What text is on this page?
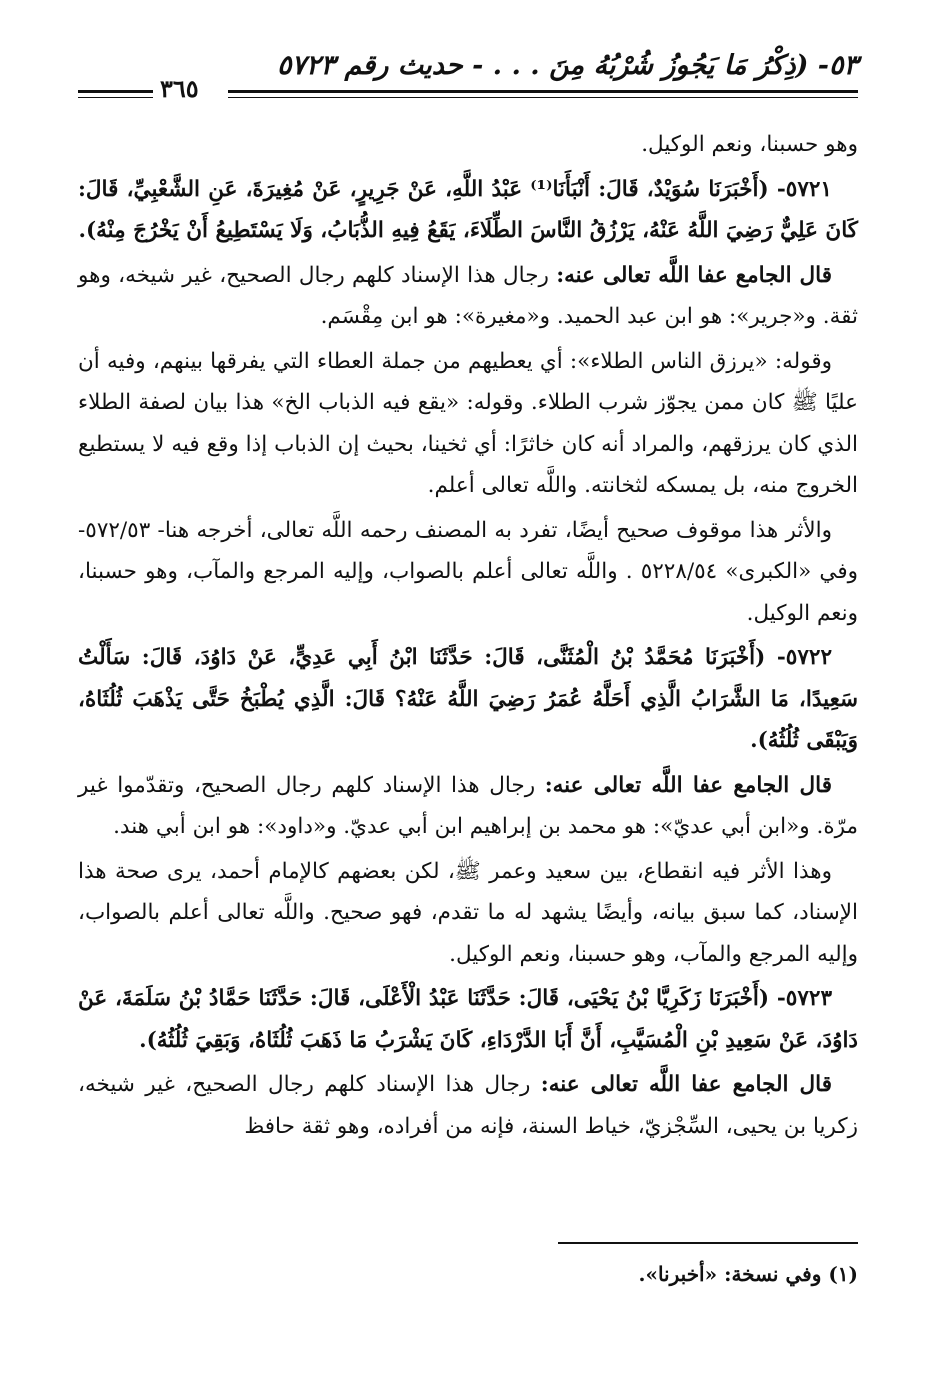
٥٣- (ذِكْرُ مَا يَجُوزُ شُرْبُهُ مِنَ . . . - حديث رقم ٥٧٢٣
٣٦٥

وهو حسبنا، ونعم الوكيل.

٥٧٢١- (أَخْبَرَنَا سُوَيْدٌ، قَالَ: أَنْبَأَنَا⁽¹⁾ عَبْدُ اللَّهِ، عَنْ جَرِيرٍ، عَنْ مُغِيرَةَ، عَنِ الشَّعْبِيِّ، قَالَ: كَانَ عَلِيٌّ رَضِيَ اللَّهُ عَنْهُ، يَرْزُقُ النَّاسَ الطِّلَاءَ، يَقَعُ فِيهِ الذُّبَابُ، وَلَا يَسْتَطِيعُ أَنْ يَخْرُجَ مِنْهُ).

قال الجامع عفا اللَّه تعالى عنه: رجال هذا الإسناد كلهم رجال الصحيح، غير شيخه، وهو ثقة. و«جرير»: هو ابن عبد الحميد. و«مغيرة»: هو ابن مِقْسَم.

وقوله: «يرزق الناس الطلاء»: أي يعطيهم من جملة العطاء التي يفرقها بينهم، وفيه أن عليًا ﷺ كان ممن يجوّز شرب الطلاء. وقوله: «يقع فيه الذباب الخ» هذا بيان لصفة الطلاء الذي كان يرزقهم، والمراد أنه كان خاثرًا: أي ثخينا، بحيث إن الذباب إذا وقع فيه لا يستطيع الخروج منه، بل يمسكه لثخانته. واللَّه تعالى أعلم.

والأثر هذا موقوف صحيح أيضًا، تفرد به المصنف رحمه اللَّه تعالى، أخرجه هنا- ٥٧٢/٥٣- وفي «الكبرى» ٥٢٢٨/٥٤ . واللَّه تعالى أعلم بالصواب، وإليه المرجع والمآب، وهو حسبنا، ونعم الوكيل.

٥٧٢٢- (أَخْبَرَنَا مُحَمَّدُ بْنُ الْمُثَنَّى، قَالَ: حَدَّثَنَا ابْنُ أَبِي عَدِيٍّ، عَنْ دَاوُدَ، قَالَ: سَأَلْتُ سَعِيدًا، مَا الشَّرَابُ الَّذِي أَحَلَّهُ عُمَرُ رَضِيَ اللَّهُ عَنْهُ؟ قَالَ: الَّذِي يُطْبَخُ حَتَّى يَذْهَبَ ثُلُثَاهُ، وَيَبْقَى ثُلُثُهُ).

قال الجامع عفا اللَّه تعالى عنه: رجال هذا الإسناد كلهم رجال الصحيح، وتقدّموا غير مرّة. و«ابن أبي عديّ»: هو محمد بن إبراهيم ابن أبي عديّ. و«داود»: هو ابن أبي هند.

وهذا الأثر فيه انقطاع، بين سعيد وعمر ﷺ، لكن بعضهم كالإمام أحمد، يرى صحة هذا الإسناد، كما سبق بيانه، وأيضًا يشهد له ما تقدم، فهو صحيح. واللَّه تعالى أعلم بالصواب، وإليه المرجع والمآب، وهو حسبنا، ونعم الوكيل.

٥٧٢٣- (أَخْبَرَنَا زَكَرِيَّا بْنُ يَحْيَى، قَالَ: حَدَّثَنَا عَبْدُ الْأَعْلَى، قَالَ: حَدَّثَنَا حَمَّادُ بْنُ سَلَمَةَ، عَنْ دَاوُدَ، عَنْ سَعِيدِ بْنِ الْمُسَيَّبِ، أَنَّ أَبَا الدَّرْدَاءِ، كَانَ يَشْرَبُ مَا ذَهَبَ ثُلُثَاهُ، وَبَقِيَ ثُلُثُهُ).

قال الجامع عفا اللَّه تعالى عنه: رجال هذا الإسناد كلهم رجال الصحيح، غير شيخه، زكريا بن يحيى، السِّجْزيّ، خياط السنة، فإنه من أفراده، وهو ثقة حافظ

(١) وفي نسخة: «أخبرنا».
